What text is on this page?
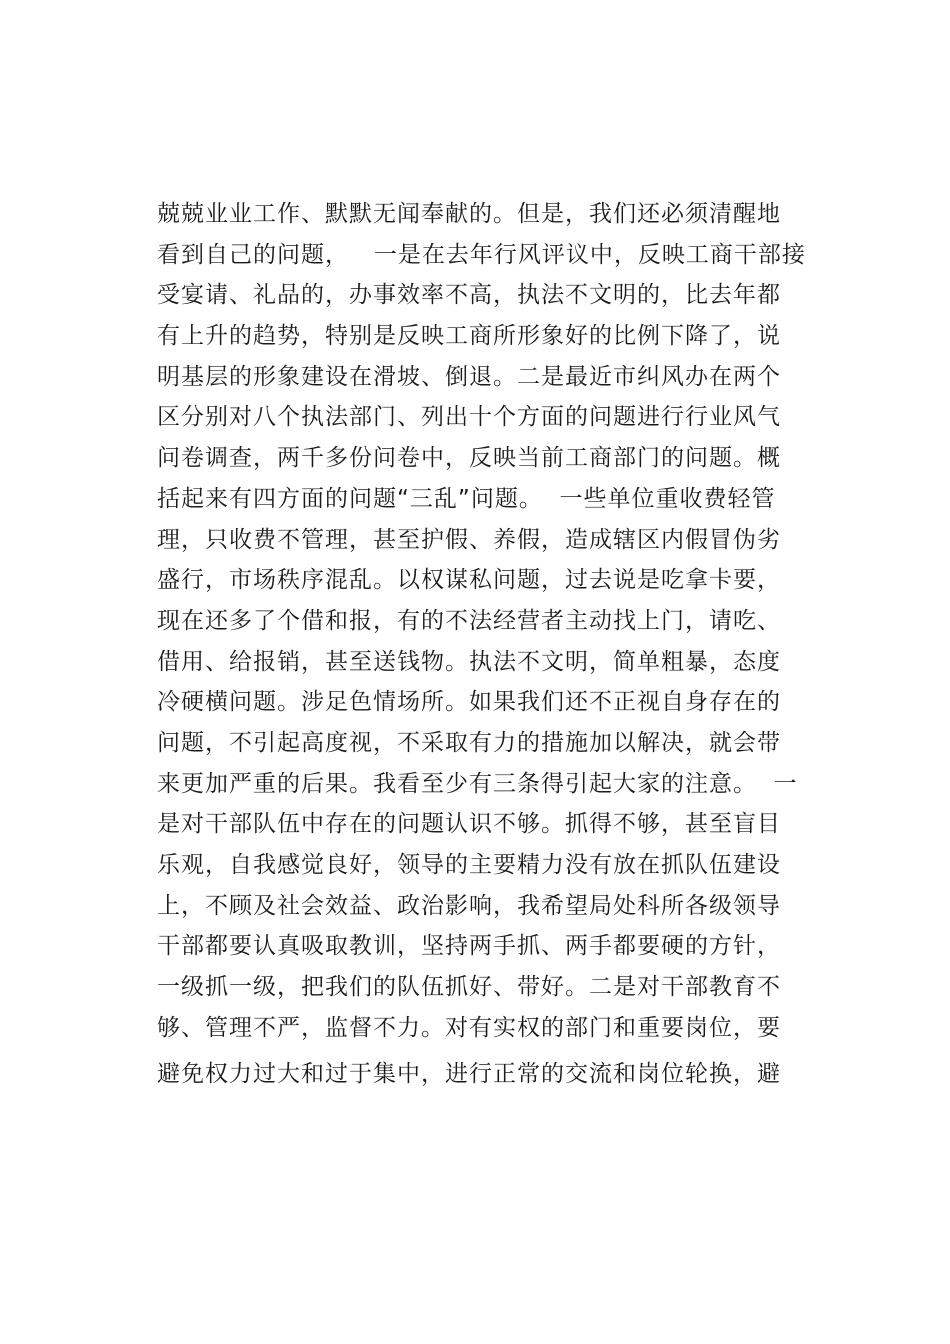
兢兢业业工作、默默无闻奉献的。但是，我们还必须清醒地
看到自己的问题，   一是在去年行风评议中，反映工商干部接
受宴请、礼品的，办事效率不高，执法不文明的，比去年都
有上升的趋势，特别是反映工商所形象好的比例下降了，说
明基层的形象建设在滑坡、倒退。二是最近市纠风办在两个
区分别对八个执法部门、列出十个方面的问题进行行业风气
问卷调查，两千多份问卷中，反映当前工商部门的问题。概
括起来有四方面的问题“三乱”问题。  一些单位重收费轻管
理，只收费不管理，甚至护假、养假，造成辖区内假冒伪劣
盛行，市场秩序混乱。以权谋私问题，过去说是吃拿卡要，
现在还多了个借和报，有的不法经营者主动找上门，请吃、
借用、给报销，甚至送钱物。执法不文明，简单粗暴，态度
冷硬横问题。涉足色情场所。如果我们还不正视自身存在的
问题，不引起高度视，不采取有力的措施加以解决，就会带
来更加严重的后果。我看至少有三条得引起大家的注意。  一
是对干部队伍中存在的问题认识不够。抓得不够，甚至盲目
乐观，自我感觉良好，领导的主要精力没有放在抓队伍建设
上，不顾及社会效益、政治影响，我希望局处科所各级领导
干部都要认真吸取教训，坚持两手抓、两手都要硬的方针，
一级抓一级，把我们的队伍抓好、带好。二是对干部教育不
够、管理不严，监督不力。对有实权的部门和重要岗位，要
避免权力过大和过于集中，进行正常的交流和岗位轮换，避
